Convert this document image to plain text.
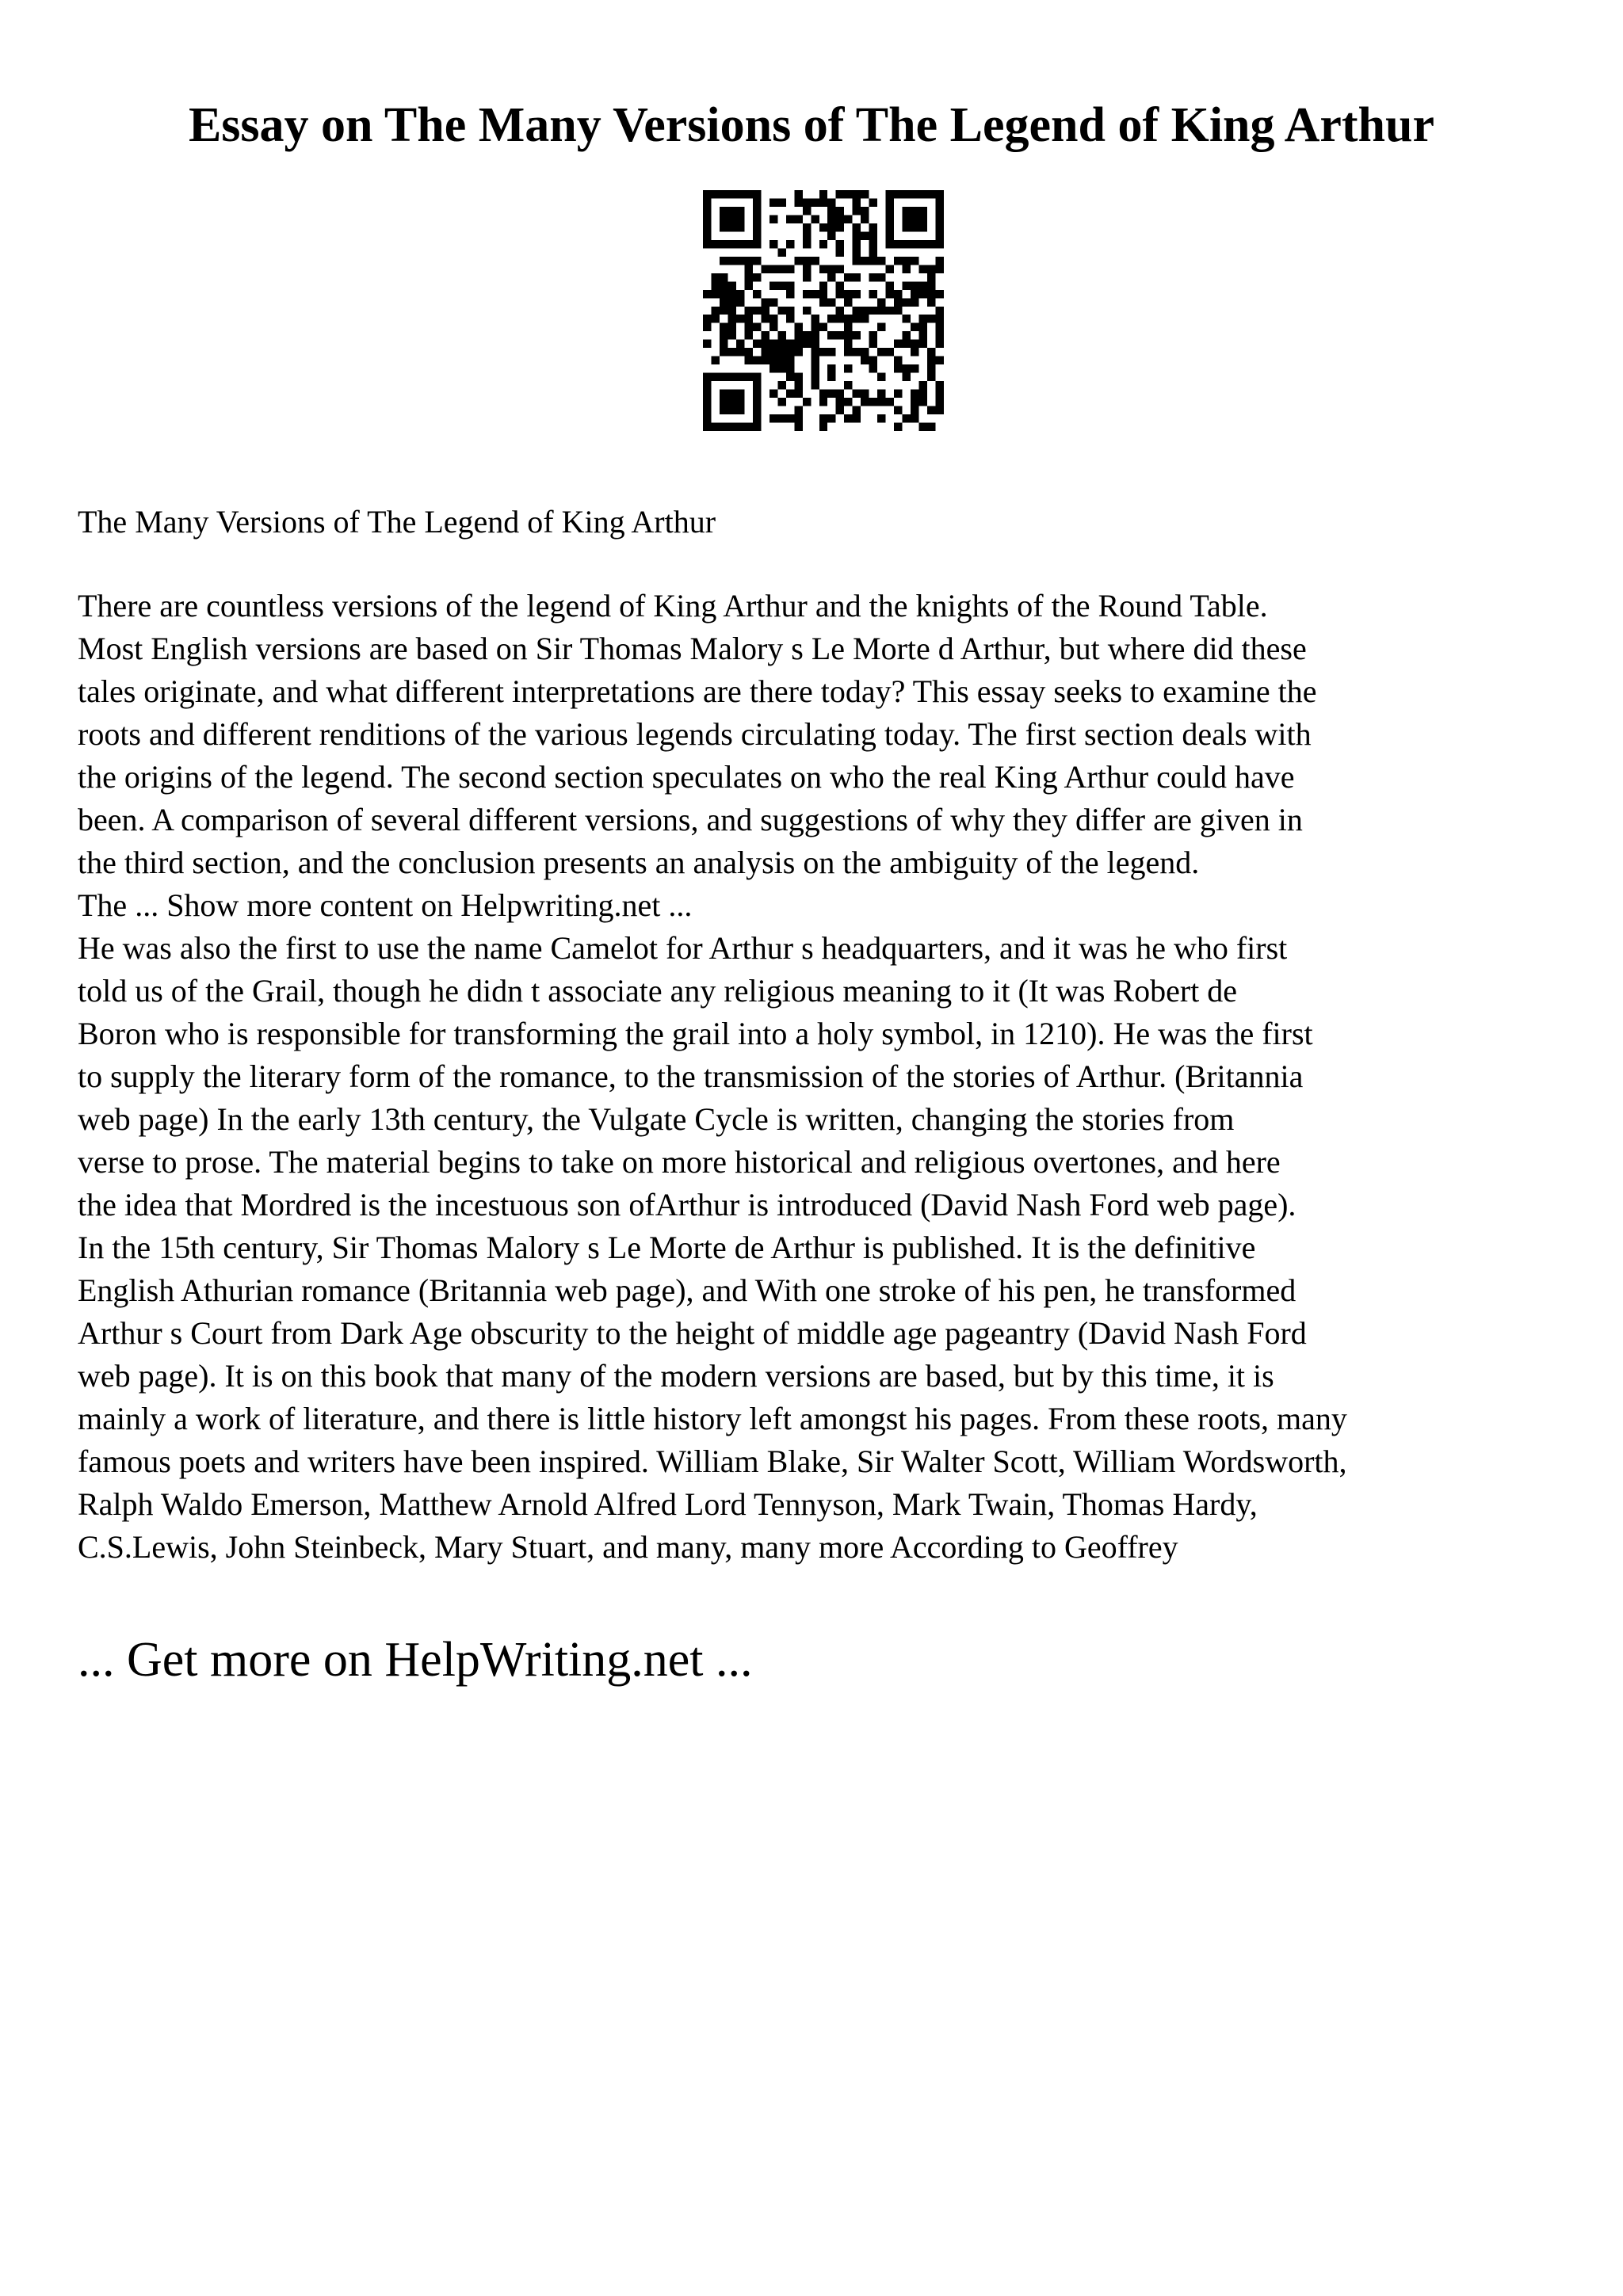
Essay on The Many Versions of The Legend of King Arthur
The Many Versions of The Legend of King Arthur
There are countless versions of the legend of King Arthur and the knights of the Round Table.
Most English versions are based on Sir Thomas Malory s Le Morte d Arthur, but where did these
tales originate, and what different interpretations are there today? This essay seeks to examine the
roots and different renditions of the various legends circulating today. The first section deals with
the origins of the legend. The second section speculates on who the real King Arthur could have
been. A comparison of several different versions, and suggestions of why they differ are given in
the third section, and the conclusion presents an analysis on the ambiguity of the legend.
The ... Show more content on Helpwriting.net ...
He was also the first to use the name Camelot for Arthur s headquarters, and it was he who first
told us of the Grail, though he didn t associate any religious meaning to it (It was Robert de
Boron who is responsible for transforming the grail into a holy symbol, in 1210). He was the first
to supply the literary form of the romance, to the transmission of the stories of Arthur. (Britannia
web page) In the early 13th century, the Vulgate Cycle is written, changing the stories from
verse to prose. The material begins to take on more historical and religious overtones, and here
the idea that Mordred is the incestuous son ofArthur is introduced (David Nash Ford web page).
In the 15th century, Sir Thomas Malory s Le Morte de Arthur is published. It is the definitive
English Athurian romance (Britannia web page), and With one stroke of his pen, he transformed
Arthur s Court from Dark Age obscurity to the height of middle age pageantry (David Nash Ford
web page). It is on this book that many of the modern versions are based, but by this time, it is
mainly a work of literature, and there is little history left amongst his pages. From these roots, many
famous poets and writers have been inspired. William Blake, Sir Walter Scott, William Wordsworth,
Ralph Waldo Emerson, Matthew Arnold Alfred Lord Tennyson, Mark Twain, Thomas Hardy,
C.S.Lewis, John Steinbeck, Mary Stuart, and many, many more According to Geoffrey
... Get more on HelpWriting.net ...
